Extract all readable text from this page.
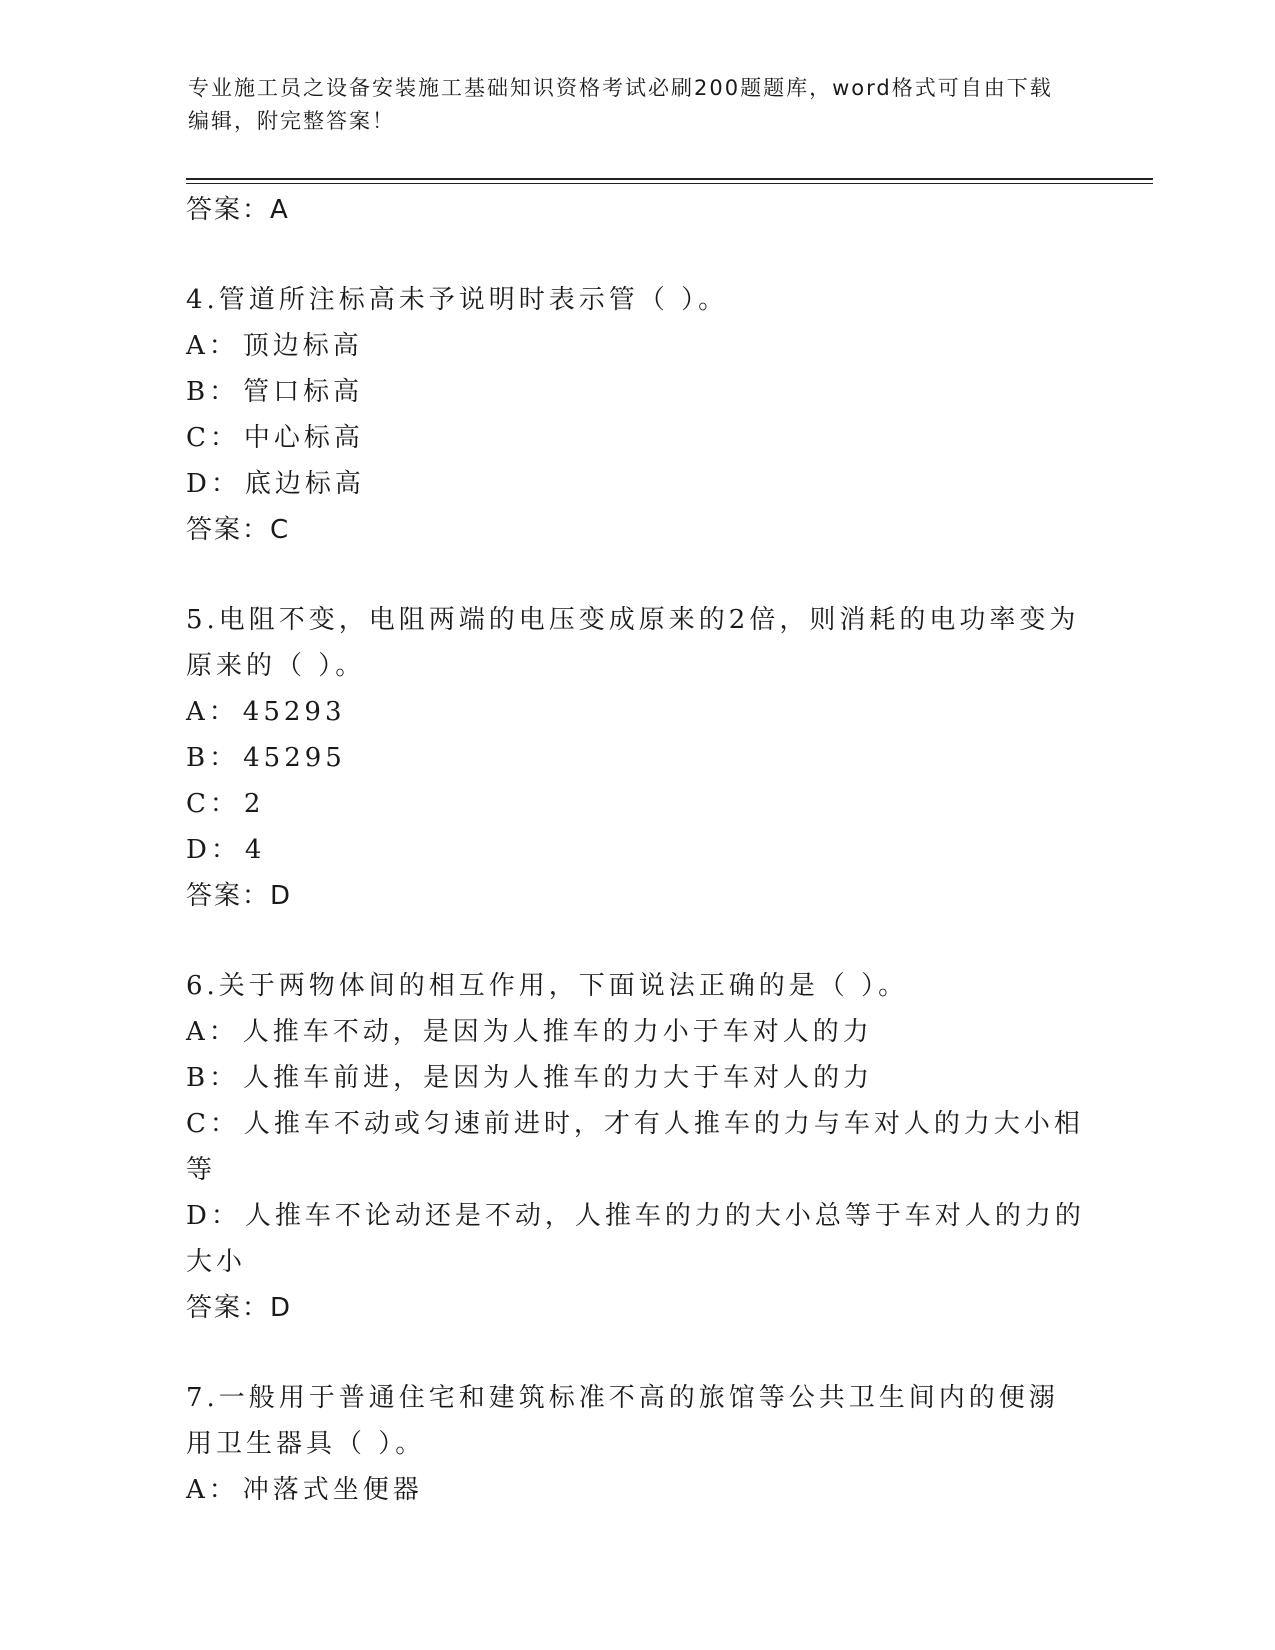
专业施工员之设备安装施工基础知识资格考试必刷200题题库，word格式可自由下载编辑，附完整答案！
答案：A

4.管道所注标高未予说明时表示管（ ）。

A： 顶边标高

B： 管口标高

C： 中心标高

D： 底边标高

答案：C

5.电阻不变，电阻两端的电压变成原来的2倍，则消耗的电功率变为原来的（ ）。

A： 45293

B： 45295

C： 2

D： 4

答案：D

6.关于两物体间的相互作用，下面说法正确的是（ ）。

A： 人推车不动，是因为人推车的力小于车对人的力

B： 人推车前进，是因为人推车的力大于车对人的力

C： 人推车不动或匀速前进时，才有人推车的力与车对人的力大小相等

D： 人推车不论动还是不动，人推车的力的大小总等于车对人的力的大小

答案：D

7.一般用于普通住宅和建筑标准不高的旅馆等公共卫生间内的便溺用卫生器具（ ）。

A： 冲落式坐便器
